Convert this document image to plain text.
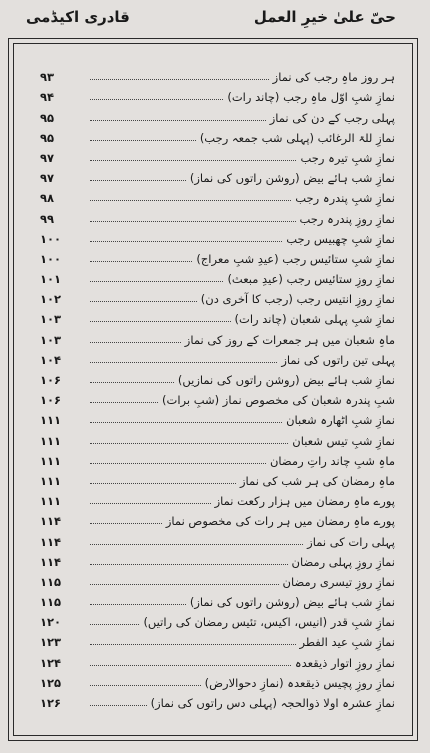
قادری اکیڈمی	حیّ علیٰ خیرِ العمل
۹۳	ہر روز ماہِ رجب کی نماز
۹۴	نمازِ شبِ اوّل ماہِ رجب (چاند رات)
۹۵	پہلی رجب کے دن کی نماز
۹۵	نمازِ للۃ الرغائب (پہلی شب جمعہ رجب)
۹۷	نمازِ شبِ تیرہ رجب
۹۷	نمازِ شب ہائے بیض (روشن راتوں کی نماز)
۹۸	نمازِ شبِ پندرہ رجب
۹۹	نمازِ روزِ پندرہ رجب
۱۰۰	نمازِ شبِ چھبیس رجب
۱۰۰	نمازِ شبِ ستائیس رجب (عیدِ شبِ معراج)
۱۰۱	نمازِ روزِ ستائیس رجب (عیدِ مبعث)
۱۰۲	نمازِ روزِ انتیس رجب (رجب کا آخری دن)
۱۰۳	نمازِ شبِ پہلی شعبان (چاند رات)
۱۰۳	ماہِ شعبان میں ہر جمعرات کے روز کی نماز
۱۰۴	پہلی تین راتوں کی نماز
۱۰۶	نمازِ شب ہائے بیض (روشن راتوں کی نمازیں)
۱۰۶	شبِ پندرہ شعبان کی مخصوص نماز (شبِ برات)
۱۱۱	نمازِ شبِ اٹھارہ شعبان
۱۱۱	نمازِ شبِ تیس شعبان
۱۱۱	ماہِ شبِ چاند راتِ رمضان
۱۱۱	ماہِ رمضان کی ہر شب کی نماز
۱۱۱	پورے ماہِ رمضان میں ہزار رکعت نماز
۱۱۴	پورے ماہِ رمضان میں ہر رات کی مخصوص نماز
۱۱۴	پہلی رات کی نماز
۱۱۴	نمازِ روزِ پہلی رمضان
۱۱۵	نمازِ روزِ تیسری رمضان
۱۱۵	نمازِ شب ہائے بیض (روشن راتوں کی نماز)
۱۲۰	نمازِ شبِ قدر (انیس، اکیس، تئیس رمضان کی راتیں)
۱۲۳	نمازِ شبِ عید الفطر
۱۲۴	نمازِ روزِ اتوار ذیقعدہ
۱۲۵	نمازِ روزِ پچیس ذیقعدہ (نمازِ دحوالارض)
۱۲۶	نمازِ عشرہ اولا ذوالحجہ (پہلی دس راتوں کی نماز)
